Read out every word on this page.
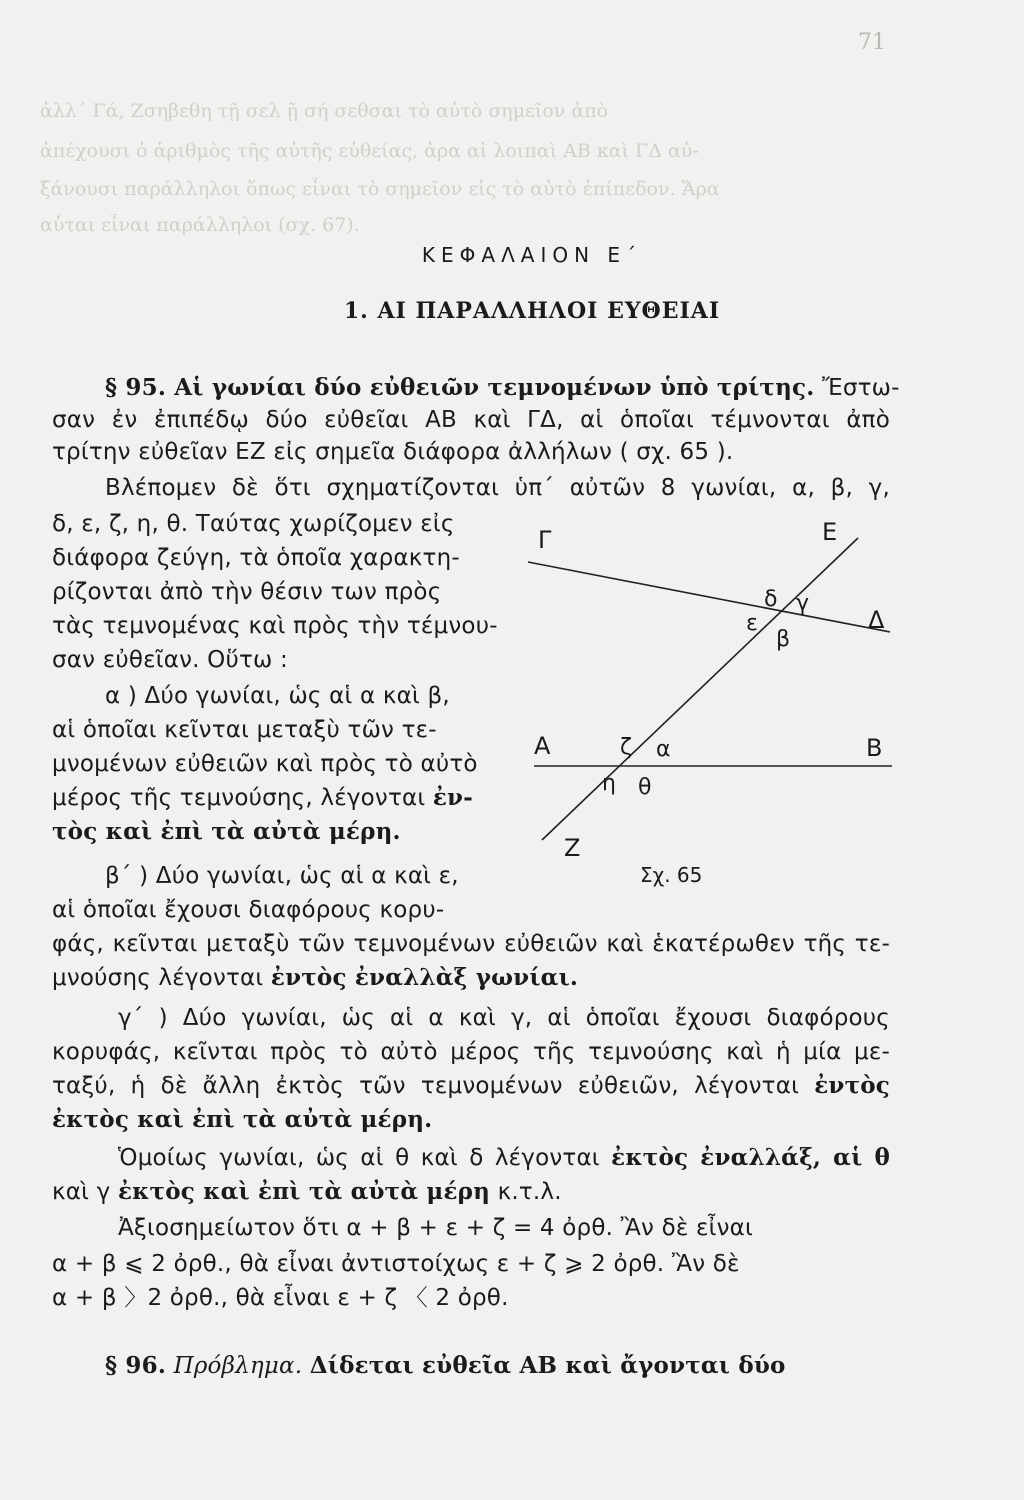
71
ἀλλ΄ Γά, Ζσηβεθη τῇ σελ ῇ σή σεθσαι τὸ αὐτὸ σημεῖον ἀπὸ
ἀπέχουσι ὁ ἀριθμὸς τῆς αὐτῆς εὐθείας, ἀρα αἱ λοιπαὶ ΑΒ καὶ ΓΔ αὐ-
ξάνουσι παράλληλοι ὅπως εἶναι τὸ σημεῖον εἰς τὸ αὐτὸ ἐπίπεδον. Ἄρα
αὗται εἶναι παράλληλοι (σχ. 67).
ΚΕΦΑΛΑΙΟΝ Ε΄
1. ΑΙ ΠΑΡΑΛΛΗΛΟΙ ΕΥΘΕΙΑΙ
§ 95. Αἱ γωνίαι δύο εὐθειῶν τεμνομένων ὑπὸ τρίτης. Ἔστω-
σαν ἐν ἐπιπέδῳ δύο εὐθεῖαι ΑΒ καὶ ΓΔ, αἱ ὁποῖαι τέμνονται ἀπὸ
τρίτην εὐθεῖαν ΕΖ εἰς σημεῖα διάφορα ἀλλήλων ( σχ. 65 ).
Βλέπομεν δὲ ὅτι σχηματίζονται ὑπ΄ αὐτῶν 8 γωνίαι, α, β, γ,
δ, ε, ζ, η, θ. Ταύτας χωρίζομεν εἰς
διάφορα ζεύγη, τὰ ὁποῖα χαρακτη-
ρίζονται ἀπὸ τὴν θέσιν των πρὸς
τὰς τεμνομένας καὶ πρὸς τὴν τέμνου-
σαν εὐθεῖαν. Οὕτω :
α ) Δύο γωνίαι, ὡς αἱ α καὶ β,
αἱ ὁποῖαι κεῖνται μεταξὺ τῶν τε-
μνομένων εὐθειῶν καὶ πρὸς τὸ αὐτὸ
μέρος τῆς τεμνούσης, λέγονται ἐν-
τὸς καὶ ἐπὶ τὰ αὐτὰ μέρη.
β΄ ) Δύο γωνίαι, ὡς αἱ α καὶ ε,
αἱ ὁποῖαι ἔχουσι διαφόρους κορυ-
φάς, κεῖνται μεταξὺ τῶν τεμνομένων εὐθειῶν καὶ ἑκατέρωθεν τῆς τε-
μνούσης λέγονται ἐντὸς ἐναλλὰξ γωνίαι.
γ΄ ) Δύο γωνίαι, ὡς αἱ α καὶ γ, αἱ ὁποῖαι ἔχουσι διαφόρους
κορυφάς, κεῖνται πρὸς τὸ αὐτὸ μέρος τῆς τεμνούσης καὶ ἡ μία με-
ταξύ, ἡ δὲ ἄλλη ἐκτὸς τῶν τεμνομένων εὐθειῶν, λέγονται ἐντὸς
ἐκτὸς καὶ ἐπὶ τὰ αὐτὰ μέρη.
Ὁμοίως γωνίαι, ὡς αἱ θ καὶ δ λέγονται ἐκτὸς ἐναλλάξ, αἱ θ
καὶ γ ἐκτὸς καὶ ἐπὶ τὰ αὐτὰ μέρη κ.τ.λ.
Ἀξιοσημείωτον ὅτι α + β + ε + ζ = 4 ὀρθ. Ἂν δὲ εἶναι
α + β ⩽ 2 ὀρθ., θὰ εἶναι ἀντιστοίχως ε + ζ ⩾ 2 ὀρθ. Ἂν δὲ
α + β 〉2 ὀρθ., θὰ εἶναι ε + ζ 〈 2 ὀρθ.
§ 96. Πρόβλημα. Δίδεται εὐθεῖα ΑΒ καὶ ἄγονται δύο
Γ	Ε
Δ
Α	Β
Ζ
δ γ
ε
β
ζ α
η θ
Σχ. 65
